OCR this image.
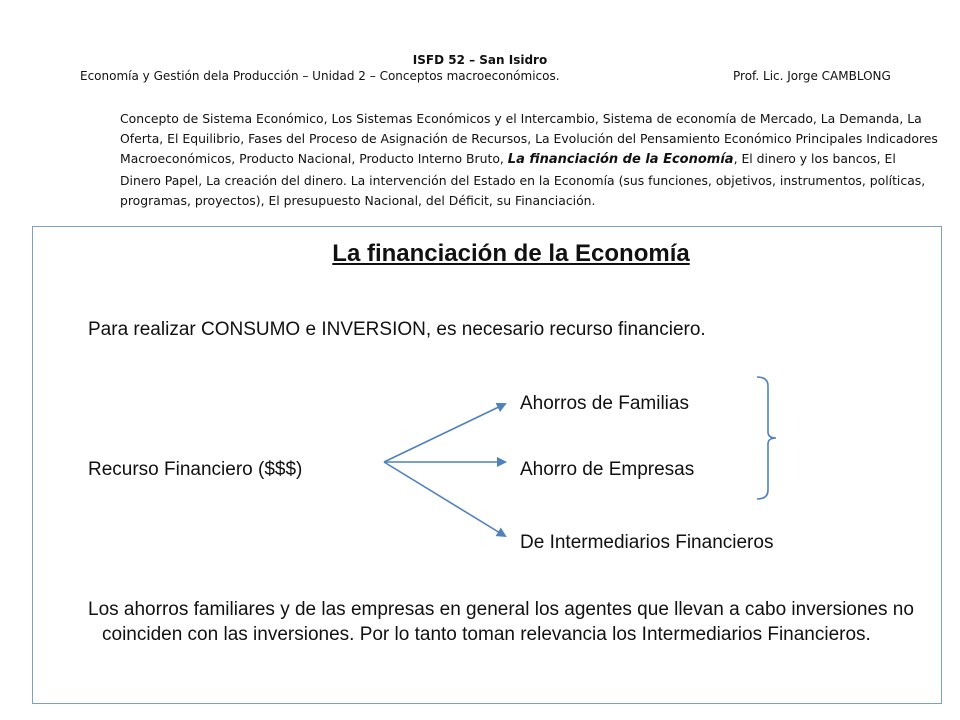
ISFD 52 – San Isidro
Economía y Gestión dela Producción – Unidad 2 – Conceptos macroeconómicos.	Prof. Lic. Jorge CAMBLONG
Concepto de Sistema Económico, Los Sistemas Económicos y el Intercambio, Sistema de economía de Mercado, La Demanda, La Oferta, El Equilibrio, Fases del Proceso de Asignación de Recursos, La Evolución del Pensamiento Económico Principales Indicadores Macroeconómicos, Producto Nacional, Producto Interno Bruto, La financiación de la Economía, El dinero y los bancos, El Dinero Papel, La creación del dinero. La intervención del Estado en la Economía (sus funciones, objetivos, instrumentos, políticas, programas, proyectos), El presupuesto Nacional, del Déficit, su Financiación.
La financiación de la Economía
Para realizar CONSUMO e INVERSION, es necesario recurso financiero.
Recurso Financiero ($$$)
Ahorros de Familias
Ahorro de Empresas
De Intermediarios Financieros
Los ahorros familiares y de las empresas en general los agentes que llevan a cabo inversiones no coinciden con las inversiones. Por lo tanto toman relevancia los Intermediarios Financieros.
